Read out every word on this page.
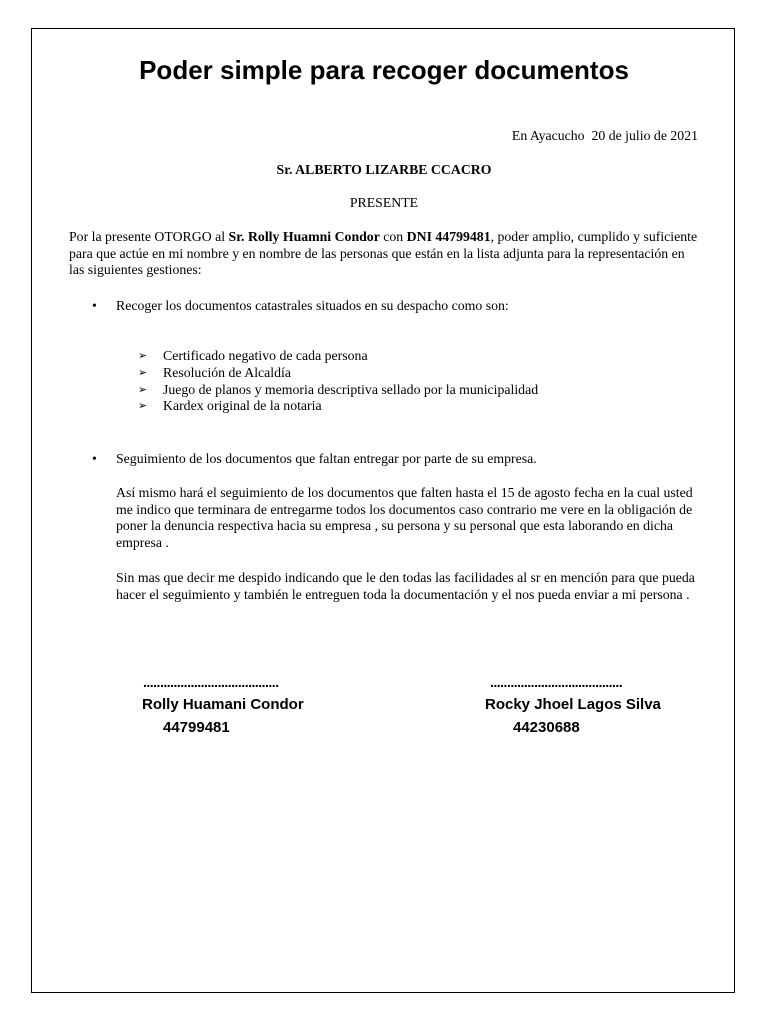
Poder simple para recoger documentos
En Ayacucho  20 de julio de 2021
Sr. ALBERTO LIZARBE CCACRO
PRESENTE
Por la presente OTORGO al Sr. Rolly Huamni Condor con DNI 44799481, poder amplio, cumplido y suficiente para que actúe en mi nombre y en nombre de las personas que están en la lista adjunta para la representación en las siguientes gestiones:
• Recoger los documentos catastrales situados en su despacho como son:
➢ Certificado negativo de cada persona
➢ Resolución de Alcaldía
➢ Juego de planos y memoria descriptiva sellado por la municipalidad
➢ Kardex original de la notaria
• Seguimiento de los documentos que faltan entregar por parte de su empresa.
Así mismo hará el seguimiento de los documentos que falten hasta el 15 de agosto fecha en la cual usted me indico que terminara de entregarme todos los documentos caso contrario me vere en la obligación de poner la denuncia respectiva hacia su empresa , su persona y su personal que esta laborando en dicha empresa .
Sin mas que decir me despido indicando que le den todas las facilidades al sr en mención para que pueda hacer el seguimiento y también le entreguen toda la documentación y el nos pueda enviar a mi persona .
........................................
Rolly Huamani Condor
44799481
.......................................
Rocky Jhoel Lagos Silva
44230688
